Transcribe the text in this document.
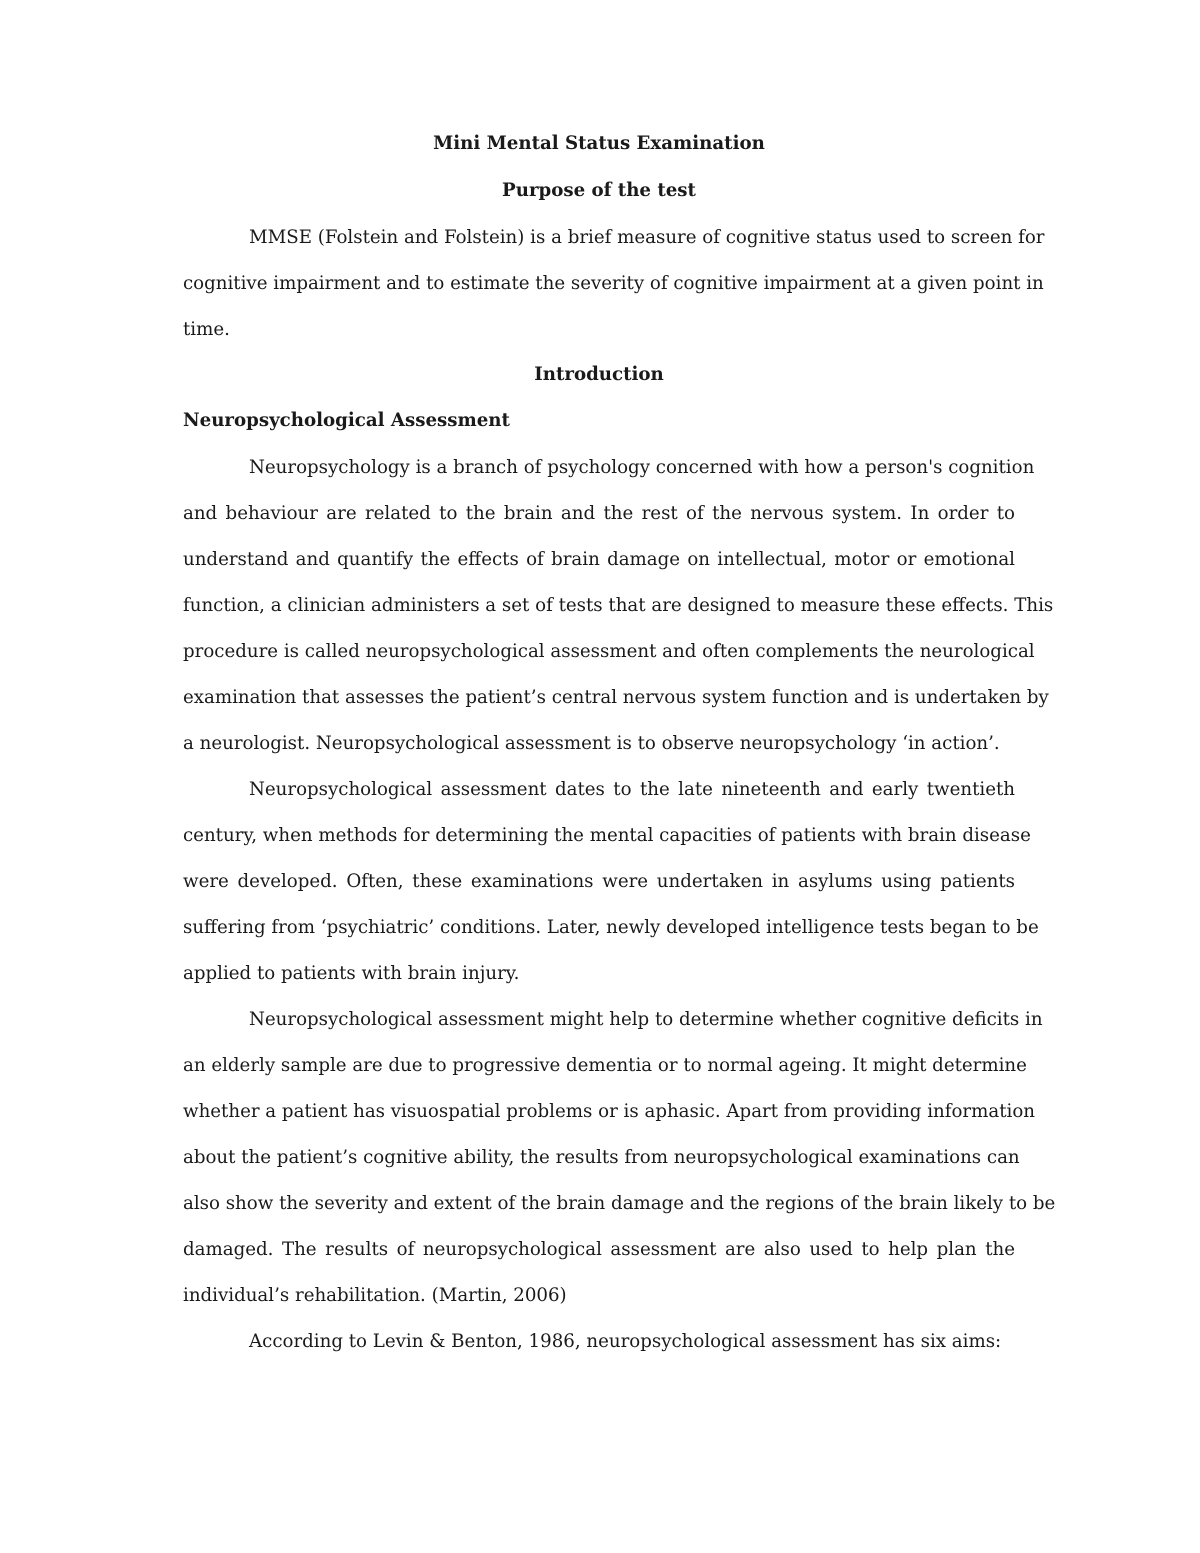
Mini Mental Status Examination

Purpose of the test

MMSE (Folstein and Folstein) is a brief measure of cognitive status used to screen for

cognitive impairment and to estimate the severity of cognitive impairment at a given point in

time.

Introduction

Neuropsychological Assessment

Neuropsychology is a branch of psychology concerned with how a person's cognition

and behaviour are related to the brain and the rest of the nervous system. In order to

understand and quantify the effects of brain damage on intellectual, motor or emotional

function, a clinician administers a set of tests that are designed to measure these effects. This

procedure is called neuropsychological assessment and often complements the neurological

examination that assesses the patient’s central nervous system function and is undertaken by

a neurologist. Neuropsychological assessment is to observe neuropsychology ‘in action’.

Neuropsychological assessment dates to the late nineteenth and early twentieth

century, when methods for determining the mental capacities of patients with brain disease

were developed. Often, these examinations were undertaken in asylums using patients

suffering from ‘psychiatric’ conditions. Later, newly developed intelligence tests began to be

applied to patients with brain injury.

Neuropsychological assessment might help to determine whether cognitive deficits in

an elderly sample are due to progressive dementia or to normal ageing. It might determine

whether a patient has visuospatial problems or is aphasic. Apart from providing information

about the patient’s cognitive ability, the results from neuropsychological examinations can

also show the severity and extent of the brain damage and the regions of the brain likely to be

damaged. The results of neuropsychological assessment are also used to help plan the

individual’s rehabilitation. (Martin, 2006)

According to Levin & Benton, 1986, neuropsychological assessment has six aims:
